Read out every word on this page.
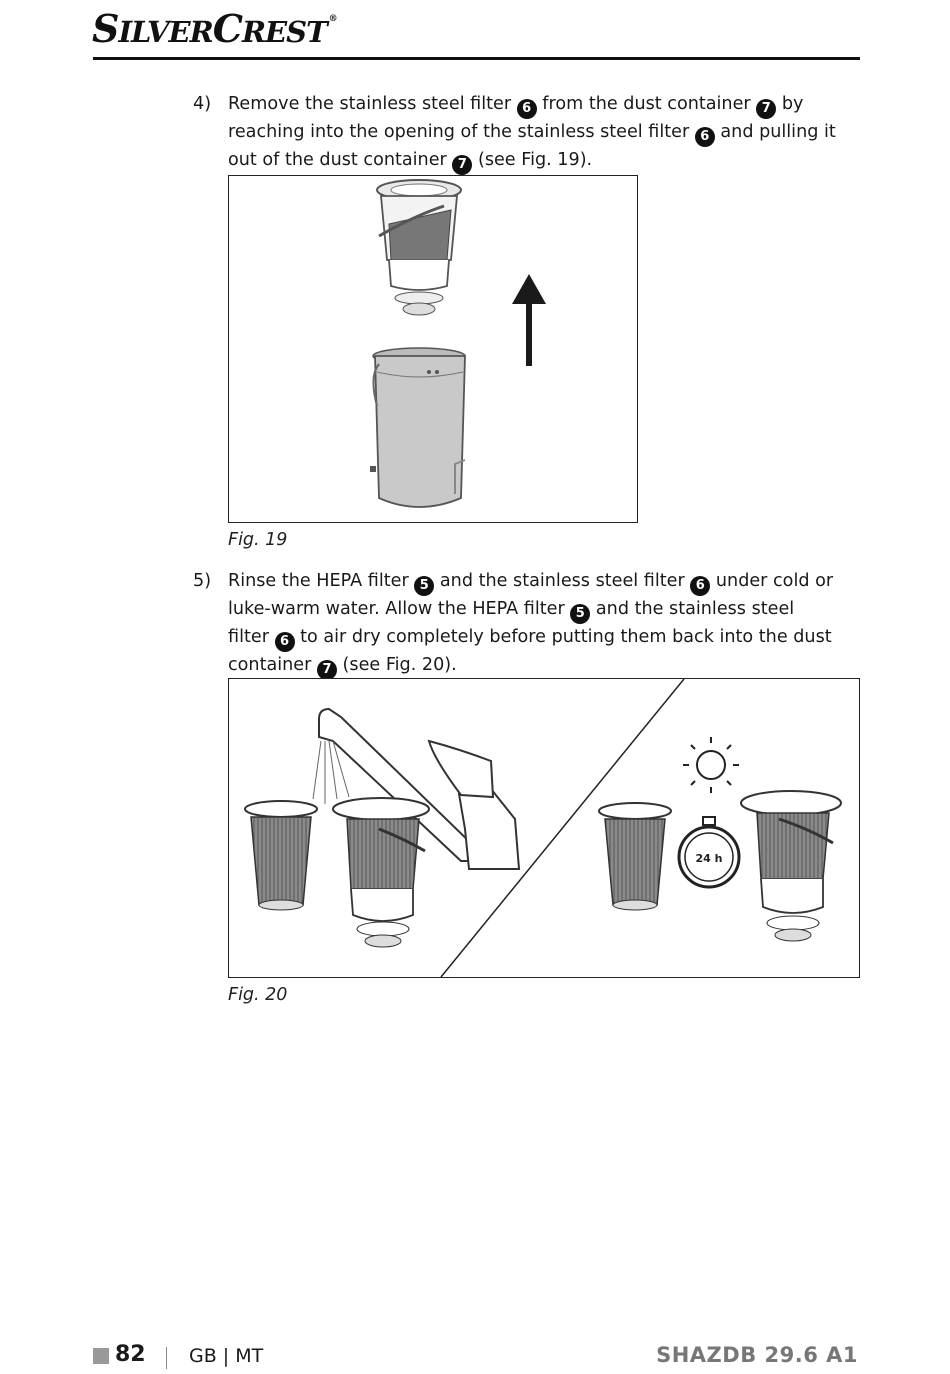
SILVERCREST ®
4) Remove the stainless steel filter 6 from the dust container 7 by reaching into the opening of the stainless steel filter 6 and pulling it out of the dust container 7 (see Fig. 19).
Fig. 19
5) Rinse the HEPA filter 5 and the stainless steel filter 6 under cold or luke-warm water. Allow the HEPA filter 5 and the stainless steel filter 6 to air dry completely before putting them back into the dust container 7 (see Fig. 20).
24 h
Fig. 20
82 GB | MT	SHAZDB 29.6 A1
